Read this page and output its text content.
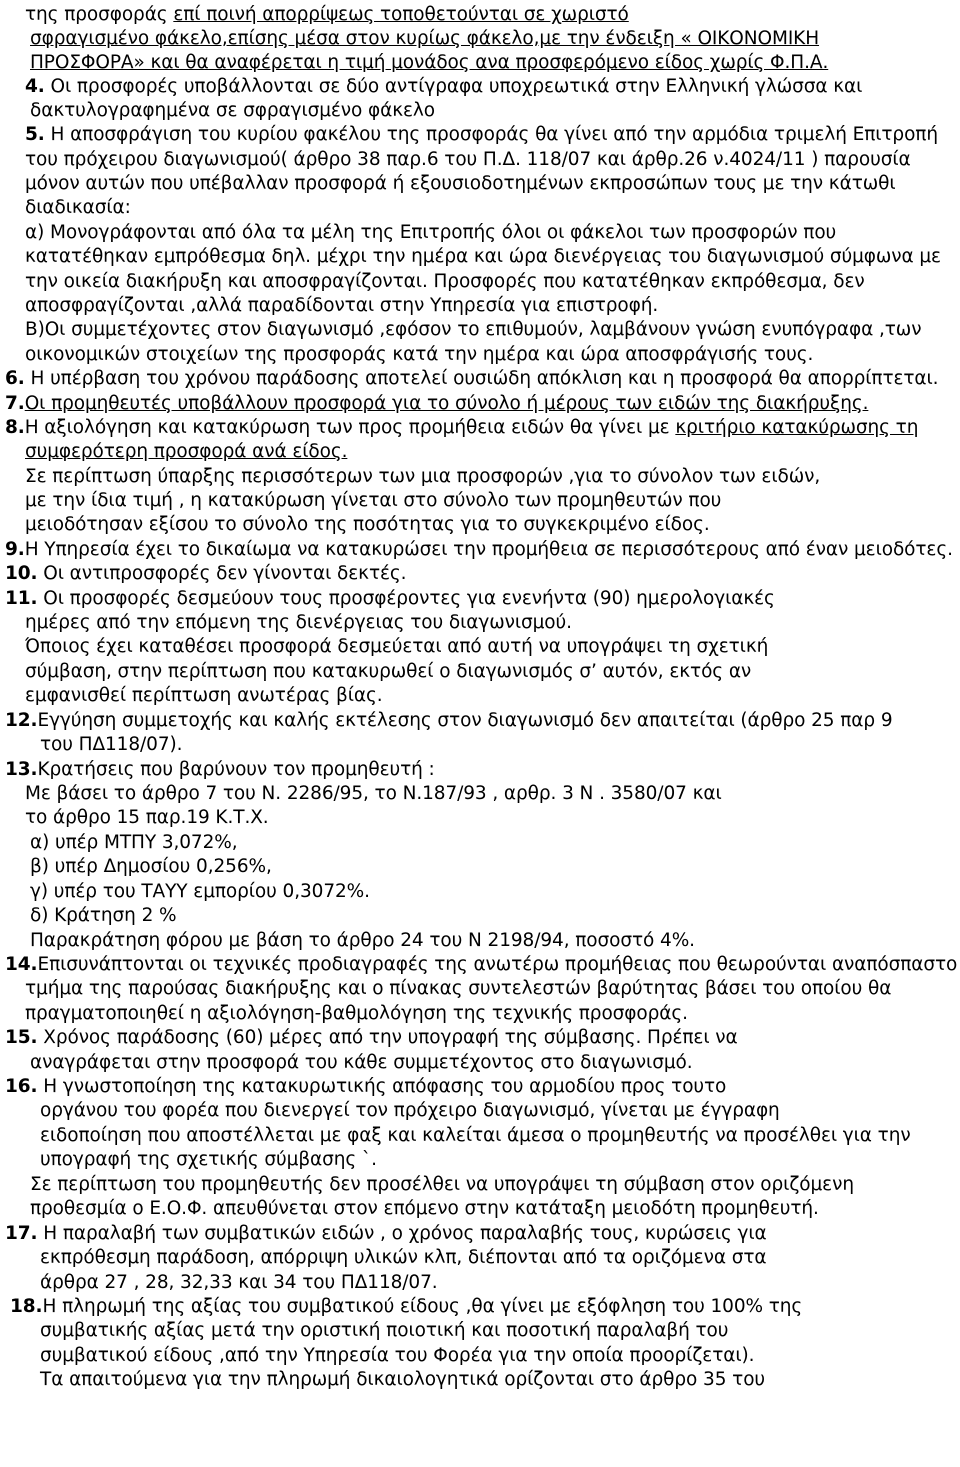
της προσφοράς επί ποινή απορρίψεως τοποθετούνται σε χωριστό
σφραγισμένο φάκελο,επίσης μέσα στον κυρίως φάκελο,με την ένδειξη « ΟΙΚΟΝΟΜΙΚΗ
ΠΡΟΣΦΟΡΑ» και θα αναφέρεται η τιμή μονάδος ανα προσφερόμενο είδος χωρίς Φ.Π.Α.
4. Οι προσφορές υποβάλλονται σε δύο αντίγραφα υποχρεωτικά στην Ελληνική γλώσσα και
δακτυλογραφημένα σε σφραγισμένο φάκελο
5. Η αποσφράγιση του κυρίου φακέλου της προσφοράς θα γίνει από την αρμόδια τριμελή Επιτροπή
του πρόχειρου διαγωνισμού( άρθρο 38 παρ.6 του Π.Δ. 118/07 και άρθρ.26 ν.4024/11 ) παρουσία
μόνον αυτών που υπέβαλλαν προσφορά ή εξουσιοδοτημένων εκπροσώπων τους με την κάτωθι
διαδικασία:
α) Μονογράφονται από όλα τα μέλη της Επιτροπής όλοι οι φάκελοι των προσφορών που
κατατέθηκαν εμπρόθεσμα δηλ. μέχρι την ημέρα και ώρα διενέργειας του διαγωνισμού σύμφωνα με
την οικεία διακήρυξη και αποσφραγίζονται. Προσφορές που κατατέθηκαν εκπρόθεσμα, δεν
αποσφραγίζονται ,αλλά παραδίδονται στην Υπηρεσία για επιστροφή.
Β)Οι συμμετέχοντες στον διαγωνισμό ,εφόσον το επιθυμούν, λαμβάνουν γνώση ενυπόγραφα ,των
οικονομικών στοιχείων της προσφοράς κατά την ημέρα και ώρα αποσφράγισής τους.
6. Η υπέρβαση του χρόνου παράδοσης αποτελεί ουσιώδη απόκλιση και η προσφορά θα απορρίπτεται.
7.Οι προμηθευτές υποβάλλουν προσφορά για το σύνολο ή μέρους των ειδών της διακήρυξης.
8.Η αξιολόγηση και κατακύρωση των προς προμήθεια ειδών θα γίνει με κριτήριο κατακύρωσης τη
συμφερότερη προσφορά ανά είδος.
Σε περίπτωση ύπαρξης περισσότερων των μια προσφορών ,για το σύνολον των ειδών,
με την ίδια τιμή , η κατακύρωση γίνεται στο σύνολο των προμηθευτών που
μειοδότησαν εξίσου το σύνολο της ποσότητας για το συγκεκριμένο είδος.
9.Η Υπηρεσία έχει το δικαίωμα να κατακυρώσει την προμήθεια σε περισσότερους από έναν μειοδότες.
10. Οι αντιπροσφορές δεν γίνονται δεκτές.
11. Οι προσφορές δεσμεύουν τους προσφέροντες για ενενήντα (90) ημερολογιακές
ημέρες από την επόμενη της διενέργειας του διαγωνισμού.
Όποιος έχει καταθέσει προσφορά δεσμεύεται από αυτή να υπογράψει τη σχετική
σύμβαση, στην περίπτωση που κατακυρωθεί ο διαγωνισμός σ’ αυτόν, εκτός αν
εμφανισθεί περίπτωση ανωτέρας βίας.
12.Εγγύηση συμμετοχής και καλής εκτέλεσης στον διαγωνισμό δεν απαιτείται (άρθρο 25 παρ 9
του ΠΔ118/07).
13.Κρατήσεις που βαρύνουν τον προμηθευτή :
Με βάσει το άρθρο 7 του Ν. 2286/95, το Ν.187/93 , αρθρ. 3 Ν . 3580/07 και
το άρθρο 15 παρ.19 Κ.Τ.Χ.
α) υπέρ ΜΤΠΥ 3,072%,
β) υπέρ Δημοσίου 0,256%,
γ) υπέρ του ΤΑΥΥ εμπορίου 0,3072%.
δ) Κράτηση 2 %
Παρακράτηση φόρου με βάση το άρθρο 24 του Ν 2198/94, ποσοστό 4%.
14.Επισυνάπτονται οι τεχνικές προδιαγραφές της ανωτέρω προμήθειας που θεωρούνται αναπόσπαστο
τμήμα της παρούσας διακήρυξης και ο πίνακας συντελεστών βαρύτητας βάσει του οποίου θα
πραγματοποιηθεί η αξιολόγηση-βαθμολόγηση της τεχνικής προσφοράς.
15. Χρόνος παράδοσης (60) μέρες από την υπογραφή της σύμβασης. Πρέπει να
αναγράφεται στην προσφορά του κάθε συμμετέχοντος στο διαγωνισμό.
16. Η γνωστοποίηση της κατακυρωτικής απόφασης του αρμοδίου προς τουτο
οργάνου του φορέα που διενεργεί τον πρόχειρο διαγωνισμό, γίνεται με έγγραφη
ειδοποίηση που αποστέλλεται με φαξ και καλείται άμεσα ο προμηθευτής να προσέλθει για την
υπογραφή της σχετικής σύμβασης `.
Σε περίπτωση του προμηθευτής δεν προσέλθει να υπογράψει τη σύμβαση στον οριζόμενη
προθεσμία ο Ε.Ο.Φ. απευθύνεται στον επόμενο στην κατάταξη μειοδότη προμηθευτή.
17. Η παραλαβή των συμβατικών ειδών , ο χρόνος παραλαβής τους, κυρώσεις για
εκπρόθεσμη παράδοση, απόρριψη υλικών κλπ, διέπονται από τα οριζόμενα στα
άρθρα 27 , 28, 32,33 και 34 του ΠΔ118/07.
18.Η πληρωμή της αξίας του συμβατικού είδους ,θα γίνει με εξόφληση του 100% της
συμβατικής αξίας μετά την οριστική ποιοτική και ποσοτική παραλαβή του
συμβατικού είδους ,από την Υπηρεσία του Φορέα για την οποία προορίζεται).
Τα απαιτούμενα για την πληρωμή δικαιολογητικά ορίζονται στο άρθρο 35 του
